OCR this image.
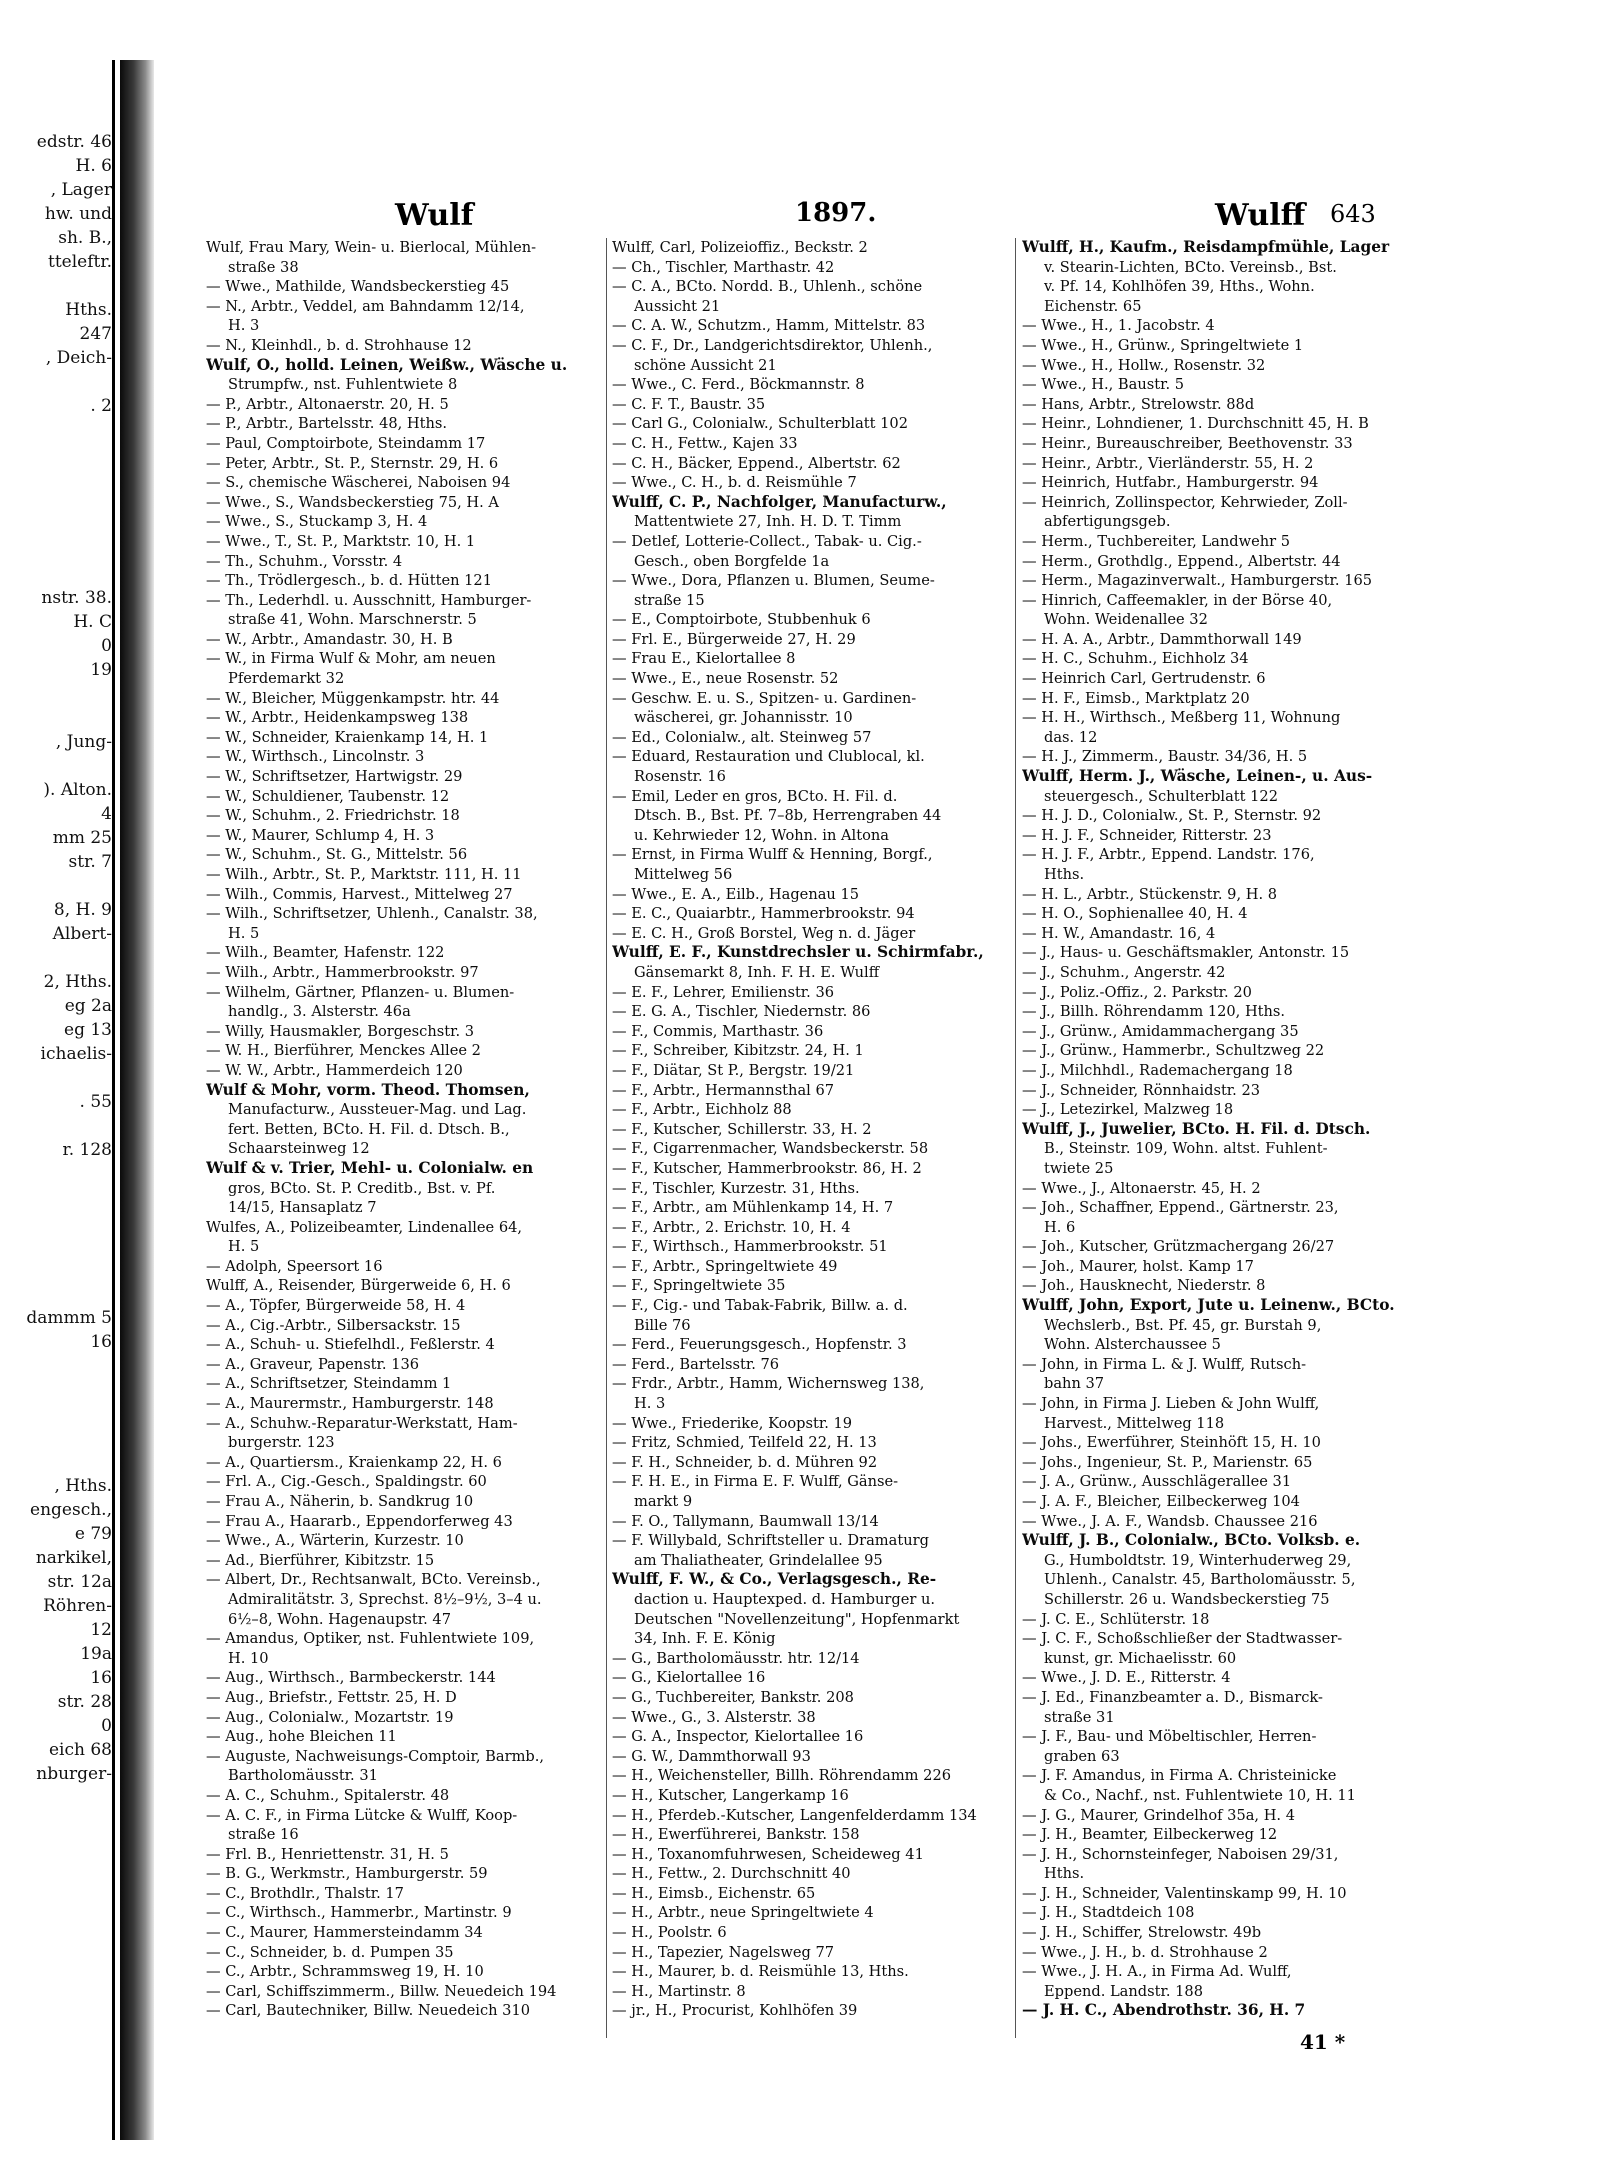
edstr. 46
H. 6
, Lager
hw. und
sh. B.,
tteleftr.

Hths.
247
, Deich-

. 2

nstr. 38.
H. C
0
19

, Jung-

). Alton.
4
mm 25
str. 7

8, H. 9
Albert-

2, Hths.
eg 2a
eg 13
ichaelis-

. 55

r. 128

dammm 5
16

, Hths.
engesch.,
e 79
narkikel,
str. 12a
Röhren-
12
19a
16
str. 28
0
eich 68
nburger-
Wulf	1897.	Wulff 643
Wulf, Frau Mary, Wein- u. Bierlocal, Mühlen-
straße 38
— Wwe., Mathilde, Wandsbeckerstieg 45
— N., Arbtr., Veddel, am Bahndamm 12/14,
H. 3
— N., Kleinhdl., b. d. Strohhause 12
Wulf, O., holld. Leinen, Weißw., Wäsche u.
Strumpfw., nst. Fuhlentwiete 8
— P., Arbtr., Altonaerstr. 20, H. 5
— P., Arbtr., Bartelsstr. 48, Hths.
— Paul, Comptoirbote, Steindamm 17
— Peter, Arbtr., St. P., Sternstr. 29, H. 6
— S., chemische Wäscherei, Naboisen 94
— Wwe., S., Wandsbeckerstieg 75, H. A
— Wwe., S., Stuckamp 3, H. 4
— Wwe., T., St. P., Marktstr. 10, H. 1
— Th., Schuhm., Vorsstr. 4
— Th., Trödlergesch., b. d. Hütten 121
— Th., Lederhdl. u. Ausschnitt, Hamburger-
straße 41, Wohn. Marschnerstr. 5
— W., Arbtr., Amandastr. 30, H. B
— W., in Firma Wulf & Mohr, am neuen
Pferdemarkt 32
— W., Bleicher, Müggenkampstr. htr. 44
— W., Arbtr., Heidenkampsweg 138
— W., Schneider, Kraienkamp 14, H. 1
— W., Wirthsch., Lincolnstr. 3
— W., Schriftsetzer, Hartwigstr. 29
— W., Schuldiener, Taubenstr. 12
— W., Schuhm., 2. Friedrichstr. 18
— W., Maurer, Schlump 4, H. 3
— W., Schuhm., St. G., Mittelstr. 56
— Wilh., Arbtr., St. P., Marktstr. 111, H. 11
— Wilh., Commis, Harvest., Mittelweg 27
— Wilh., Schriftsetzer, Uhlenh., Canalstr. 38,
H. 5
— Wilh., Beamter, Hafenstr. 122
— Wilh., Arbtr., Hammerbrookstr. 97
— Wilhelm, Gärtner, Pflanzen- u. Blumen-
handlg., 3. Alsterstr. 46a
— Willy, Hausmakler, Borgeschstr. 3
— W. H., Bierführer, Menckes Allee 2
— W. W., Arbtr., Hammerdeich 120
Wulf & Mohr, vorm. Theod. Thomsen,
Manufacturw., Aussteuer-Mag. und Lag.
fert. Betten, BCto. H. Fil. d. Dtsch. B.,
Schaarsteinweg 12
Wulf & v. Trier, Mehl- u. Colonialw. en
gros, BCto. St. P. Creditb., Bst. v. Pf.
14/15, Hansaplatz 7
Wulfes, A., Polizeibeamter, Lindenallee 64,
H. 5
— Adolph, Speersort 16
Wulff, A., Reisender, Bürgerweide 6, H. 6
— A., Töpfer, Bürgerweide 58, H. 4
— A., Cig.-Arbtr., Silbersackstr. 15
— A., Schuh- u. Stiefelhdl., Feßlerstr. 4
— A., Graveur, Papenstr. 136
— A., Schriftsetzer, Steindamm 1
— A., Maurermstr., Hamburgerstr. 148
— A., Schuhw.-Reparatur-Werkstatt, Ham-
burgerstr. 123
— A., Quartiersm., Kraienkamp 22, H. 6
— Frl. A., Cig.-Gesch., Spaldingstr. 60
— Frau A., Näherin, b. Sandkrug 10
— Frau A., Haararb., Eppendorferweg 43
— Wwe., A., Wärterin, Kurzestr. 10
— Ad., Bierführer, Kibitzstr. 15
— Albert, Dr., Rechtsanwalt, BCto. Vereinsb.,
Admiralitätstr. 3, Sprechst. 8½–9½, 3–4 u.
6½–8, Wohn. Hagenaupstr. 47
— Amandus, Optiker, nst. Fuhlentwiete 109,
H. 10
— Aug., Wirthsch., Barmbeckerstr. 144
— Aug., Briefstr., Fettstr. 25, H. D
— Aug., Colonialw., Mozartstr. 19
— Aug., hohe Bleichen 11
— Auguste, Nachweisungs-Comptoir, Barmb.,
Bartholomäusstr. 31
— A. C., Schuhm., Spitalerstr. 48
— A. C. F., in Firma Lütcke & Wulff, Koop-
straße 16
— Frl. B., Henriettenstr. 31, H. 5
— B. G., Werkmstr., Hamburgerstr. 59
— C., Brothdlr., Thalstr. 17
— C., Wirthsch., Hammerbr., Martinstr. 9
— C., Maurer, Hammersteindamm 34
— C., Schneider, b. d. Pumpen 35
— C., Arbtr., Schrammsweg 19, H. 10
— Carl, Schiffszimmerm., Billw. Neuedeich 194
— Carl, Bautechniker, Billw. Neuedeich 310
Wulff, Carl, Polizeioffiz., Beckstr. 2
— Ch., Tischler, Marthastr. 42
— C. A., BCto. Nordd. B., Uhlenh., schöne
Aussicht 21
— C. A. W., Schutzm., Hamm, Mittelstr. 83
— C. F., Dr., Landgerichtsdirektor, Uhlenh.,
schöne Aussicht 21
— Wwe., C. Ferd., Böckmannstr. 8
— C. F. T., Baustr. 35
— Carl G., Colonialw., Schulterblatt 102
— C. H., Fettw., Kajen 33
— C. H., Bäcker, Eppend., Albertstr. 62
— Wwe., C. H., b. d. Reismühle 7
Wulff, C. P., Nachfolger, Manufacturw.,
Mattentwiete 27, Inh. H. D. T. Timm
— Detlef, Lotterie-Collect., Tabak- u. Cig.-
Gesch., oben Borgfelde 1a
— Wwe., Dora, Pflanzen u. Blumen, Seume-
straße 15
— E., Comptoirbote, Stubbenhuk 6
— Frl. E., Bürgerweide 27, H. 29
— Frau E., Kielortallee 8
— Wwe., E., neue Rosenstr. 52
— Geschw. E. u. S., Spitzen- u. Gardinen-
wäscherei, gr. Johannisstr. 10
— Ed., Colonialw., alt. Steinweg 57
— Eduard, Restauration und Clublocal, kl.
Rosenstr. 16
— Emil, Leder en gros, BCto. H. Fil. d.
Dtsch. B., Bst. Pf. 7–8b, Herrengraben 44
u. Kehrwieder 12, Wohn. in Altona
— Ernst, in Firma Wulff & Henning, Borgf.,
Mittelweg 56
— Wwe., E. A., Eilb., Hagenau 15
— E. C., Quaiarbtr., Hammerbrookstr. 94
— E. C. H., Groß Borstel, Weg n. d. Jäger
Wulff, E. F., Kunstdrechsler u. Schirmfabr.,
Gänsemarkt 8, Inh. F. H. E. Wulff
— E. F., Lehrer, Emilienstr. 36
— E. G. A., Tischler, Niedernstr. 86
— F., Commis, Marthastr. 36
— F., Schreiber, Kibitzstr. 24, H. 1
— F., Diätar, St P., Bergstr. 19/21
— F., Arbtr., Hermannsthal 67
— F., Arbtr., Eichholz 88
— F., Kutscher, Schillerstr. 33, H. 2
— F., Cigarrenmacher, Wandsbeckerstr. 58
— F., Kutscher, Hammerbrookstr. 86, H. 2
— F., Tischler, Kurzestr. 31, Hths.
— F., Arbtr., am Mühlenkamp 14, H. 7
— F., Arbtr., 2. Erichstr. 10, H. 4
— F., Wirthsch., Hammerbrookstr. 51
— F., Arbtr., Springeltwiete 49
— F., Springeltwiete 35
— F., Cig.- und Tabak-Fabrik, Billw. a. d.
Bille 76
— Ferd., Feuerungsgesch., Hopfenstr. 3
— Ferd., Bartelsstr. 76
— Frdr., Arbtr., Hamm, Wichernsweg 138,
H. 3
— Wwe., Friederike, Koopstr. 19
— Fritz, Schmied, Teilfeld 22, H. 13
— F. H., Schneider, b. d. Mühren 92
— F. H. E., in Firma E. F. Wulff, Gänse-
markt 9
— F. O., Tallymann, Baumwall 13/14
— F. Willybald, Schriftsteller u. Dramaturg
am Thaliatheater, Grindelallee 95
Wulff, F. W., & Co., Verlagsgesch., Re-
daction u. Hauptexped. d. Hamburger u.
Deutschen "Novellenzeitung", Hopfenmarkt
34, Inh. F. E. König
— G., Bartholomäusstr. htr. 12/14
— G., Kielortallee 16
— G., Tuchbereiter, Bankstr. 208
— Wwe., G., 3. Alsterstr. 38
— G. A., Inspector, Kielortallee 16
— G. W., Dammthorwall 93
— H., Weichensteller, Billh. Röhrendamm 226
— H., Kutscher, Langerkamp 16
— H., Pferdeb.-Kutscher, Langenfelderdamm 134
— H., Ewerführerei, Bankstr. 158
— H., Toxanomfuhrwesen, Scheideweg 41
— H., Fettw., 2. Durchschnitt 40
— H., Eimsb., Eichenstr. 65
— H., Arbtr., neue Springeltwiete 4
— H., Poolstr. 6
— H., Tapezier, Nagelsweg 77
— H., Maurer, b. d. Reismühle 13, Hths.
— H., Martinstr. 8
— jr., H., Procurist, Kohlhöfen 39
Wulff, H., Kaufm., Reisdampfmühle, Lager
v. Stearin-Lichten, BCto. Vereinsb., Bst.
v. Pf. 14, Kohlhöfen 39, Hths., Wohn.
Eichenstr. 65
— Wwe., H., 1. Jacobstr. 4
— Wwe., H., Grünw., Springeltwiete 1
— Wwe., H., Hollw., Rosenstr. 32
— Wwe., H., Baustr. 5
— Hans, Arbtr., Strelowstr. 88d
— Heinr., Lohndiener, 1. Durchschnitt 45, H. B
— Heinr., Bureauschreiber, Beethovenstr. 33
— Heinr., Arbtr., Vierländerstr. 55, H. 2
— Heinrich, Hutfabr., Hamburgerstr. 94
— Heinrich, Zollinspector, Kehrwieder, Zoll-
abfertigungsgeb.
— Herm., Tuchbereiter, Landwehr 5
— Herm., Grothdlg., Eppend., Albertstr. 44
— Herm., Magazinverwalt., Hamburgerstr. 165
— Hinrich, Caffeemakler, in der Börse 40,
Wohn. Weidenallee 32
— H. A. A., Arbtr., Dammthorwall 149
— H. C., Schuhm., Eichholz 34
— Heinrich Carl, Gertrudenstr. 6
— H. F., Eimsb., Marktplatz 20
— H. H., Wirthsch., Meßberg 11, Wohnung
das. 12
— H. J., Zimmerm., Baustr. 34/36, H. 5
Wulff, Herm. J., Wäsche, Leinen-, u. Aus-
steuergesch., Schulterblatt 122
— H. J. D., Colonialw., St. P., Sternstr. 92
— H. J. F., Schneider, Ritterstr. 23
— H. J. F., Arbtr., Eppend. Landstr. 176,
Hths.
— H. L., Arbtr., Stückenstr. 9, H. 8
— H. O., Sophienallee 40, H. 4
— H. W., Amandastr. 16, 4
— J., Haus- u. Geschäftsmakler, Antonstr. 15
— J., Schuhm., Angerstr. 42
— J., Poliz.-Offiz., 2. Parkstr. 20
— J., Billh. Röhrendamm 120, Hths.
— J., Grünw., Amidammachergang 35
— J., Grünw., Hammerbr., Schultzweg 22
— J., Milchhdl., Rademachergang 18
— J., Schneider, Rönnhaidstr. 23
— J., Letezirkel, Malzweg 18
Wulff, J., Juwelier, BCto. H. Fil. d. Dtsch.
B., Steinstr. 109, Wohn. altst. Fuhlent-
twiete 25
— Wwe., J., Altonaerstr. 45, H. 2
— Joh., Schaffner, Eppend., Gärtnerstr. 23,
H. 6
— Joh., Kutscher, Grützmachergang 26/27
— Joh., Maurer, holst. Kamp 17
— Joh., Hausknecht, Niederstr. 8
Wulff, John, Export, Jute u. Leinenw., BCto.
Wechslerb., Bst. Pf. 45, gr. Burstah 9,
Wohn. Alsterchaussee 5
— John, in Firma L. & J. Wulff, Rutsch-
bahn 37
— John, in Firma J. Lieben & John Wulff,
Harvest., Mittelweg 118
— Johs., Ewerführer, Steinhöft 15, H. 10
— Johs., Ingenieur, St. P., Marienstr. 65
— J. A., Grünw., Ausschlägerallee 31
— J. A. F., Bleicher, Eilbeckerweg 104
— Wwe., J. A. F., Wandsb. Chaussee 216
Wulff, J. B., Colonialw., BCto. Volksb. e.
G., Humboldtstr. 19, Winterhuderweg 29,
Uhlenh., Canalstr. 45, Bartholomäusstr. 5,
Schillerstr. 26 u. Wandsbeckerstieg 75
— J. C. E., Schlüterstr. 18
— J. C. F., Schoßschließer der Stadtwasser-
kunst, gr. Michaelisstr. 60
— Wwe., J. D. E., Ritterstr. 4
— J. Ed., Finanzbeamter a. D., Bismarck-
straße 31
— J. F., Bau- und Möbeltischler, Herren-
graben 63
— J. F. Amandus, in Firma A. Christeinicke
& Co., Nachf., nst. Fuhlentwiete 10, H. 11
— J. G., Maurer, Grindelhof 35a, H. 4
— J. H., Beamter, Eilbeckerweg 12
— J. H., Schornsteinfeger, Naboisen 29/31,
Hths.
— J. H., Schneider, Valentinskamp 99, H. 10
— J. H., Stadtdeich 108
— J. H., Schiffer, Strelowstr. 49b
— Wwe., J. H., b. d. Strohhause 2
— Wwe., J. H. A., in Firma Ad. Wulff,
Eppend. Landstr. 188
— J. H. C., Abendrothstr. 36, H. 7
41 *
